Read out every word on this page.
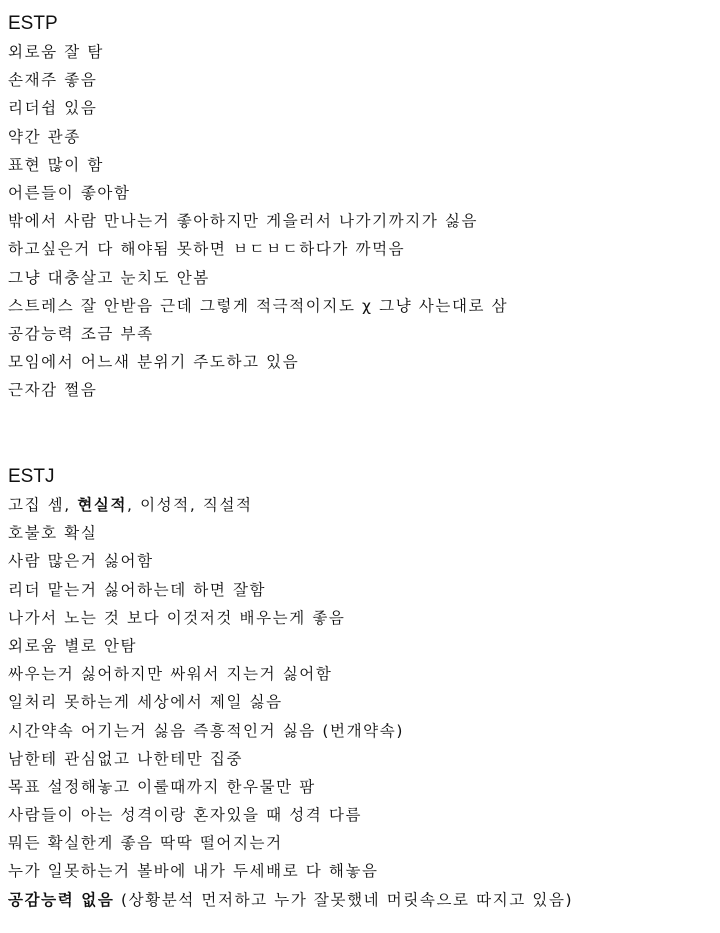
ESTP
외로움 잘 탐
손재주 좋음
리더쉽 있음
약간 관종
표현 많이 함
어른들이 좋아함
밖에서 사람 만나는거 좋아하지만 게을러서 나가기까지가 싫음
하고싶은거 다 해야됨 못하면 ㅂㄷㅂㄷ하다가 까먹음
그냥 대충살고 눈치도 안봄
스트레스 잘 안받음 근데 그렇게 적극적이지도 χ 그냥 사는대로 삼
공감능력 조금 부족
모임에서 어느새 분위기 주도하고 있음
근자감 쩔음
ESTJ
고집 셈, 현실적, 이성적, 직설적
호불호 확실
사람 많은거 싫어함
리더 맡는거 싫어하는데 하면 잘함
나가서 노는 것 보다 이것저것 배우는게 좋음
외로움 별로 안탐
싸우는거 싫어하지만 싸워서 지는거 싫어함
일처리 못하는게 세상에서 제일 싫음
시간약속 어기는거 싫음 즉흥적인거 싫음 (번개약속)
남한테 관심없고 나한테만 집중
목표 설정해놓고 이룰때까지 한우물만 팜
사람들이 아는 성격이랑 혼자있을 때 성격 다름
뭐든 확실한게 좋음 딱딱 떨어지는거
누가 일못하는거 볼바에 내가 두세배로 다 해놓음
공감능력 없음 (상황분석 먼저하고 누가 잘못했네 머릿속으로 따지고 있음)
